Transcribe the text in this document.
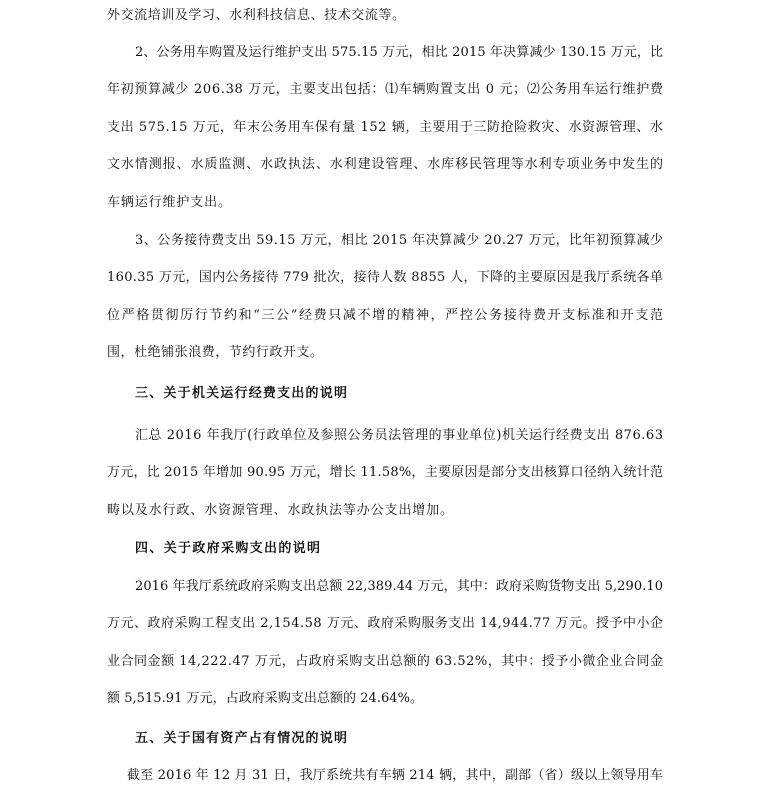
外交流培训及学习、水利科技信息、技术交流等。
2、公务用车购置及运行维护支出 575.15 万元，相比 2015 年决算减少 130.15 万元，比
年初预算减少 206.38 万元，主要支出包括：⑴车辆购置支出 0 元；⑵公务用车运行维护费
支出 575.15 万元，年末公务用车保有量 152 辆，主要用于三防抢险救灾、水资源管理、水
文水情测报、水质监测、水政执法、水利建设管理、水库移民管理等水利专项业务中发生的
车辆运行维护支出。
3、公务接待费支出 59.15 万元，相比 2015 年决算减少 20.27 万元，比年初预算减少
160.35 万元，国内公务接待 779 批次，接待人数 8855 人，下降的主要原因是我厅系统各单
位严格贯彻厉行节约和“三公”经费只减不增的精神，严控公务接待费开支标准和开支范
围，杜绝铺张浪费，节约行政开支。
三、关于机关运行经费支出的说明
汇总 2016 年我厅(行政单位及参照公务员法管理的事业单位)机关运行经费支出 876.63
万元，比 2015 年增加 90.95 万元，增长 11.58%，主要原因是部分支出核算口径纳入统计范
畴以及水行政、水资源管理、水政执法等办公支出增加。
四、关于政府采购支出的说明
2016 年我厅系统政府采购支出总额 22,389.44 万元，其中：政府采购货物支出 5,290.10
万元、政府采购工程支出 2,154.58 万元、政府采购服务支出 14,944.77 万元。授予中小企
业合同金额 14,222.47 万元，占政府采购支出总额的 63.52%，其中：授予小微企业合同金
额 5,515.91 万元，占政府采购支出总额的 24.64%。
五、关于国有资产占有情况的说明
截至 2016 年 12 月 31 日，我厅系统共有车辆 214 辆，其中，副部（省）级以上领导用车
